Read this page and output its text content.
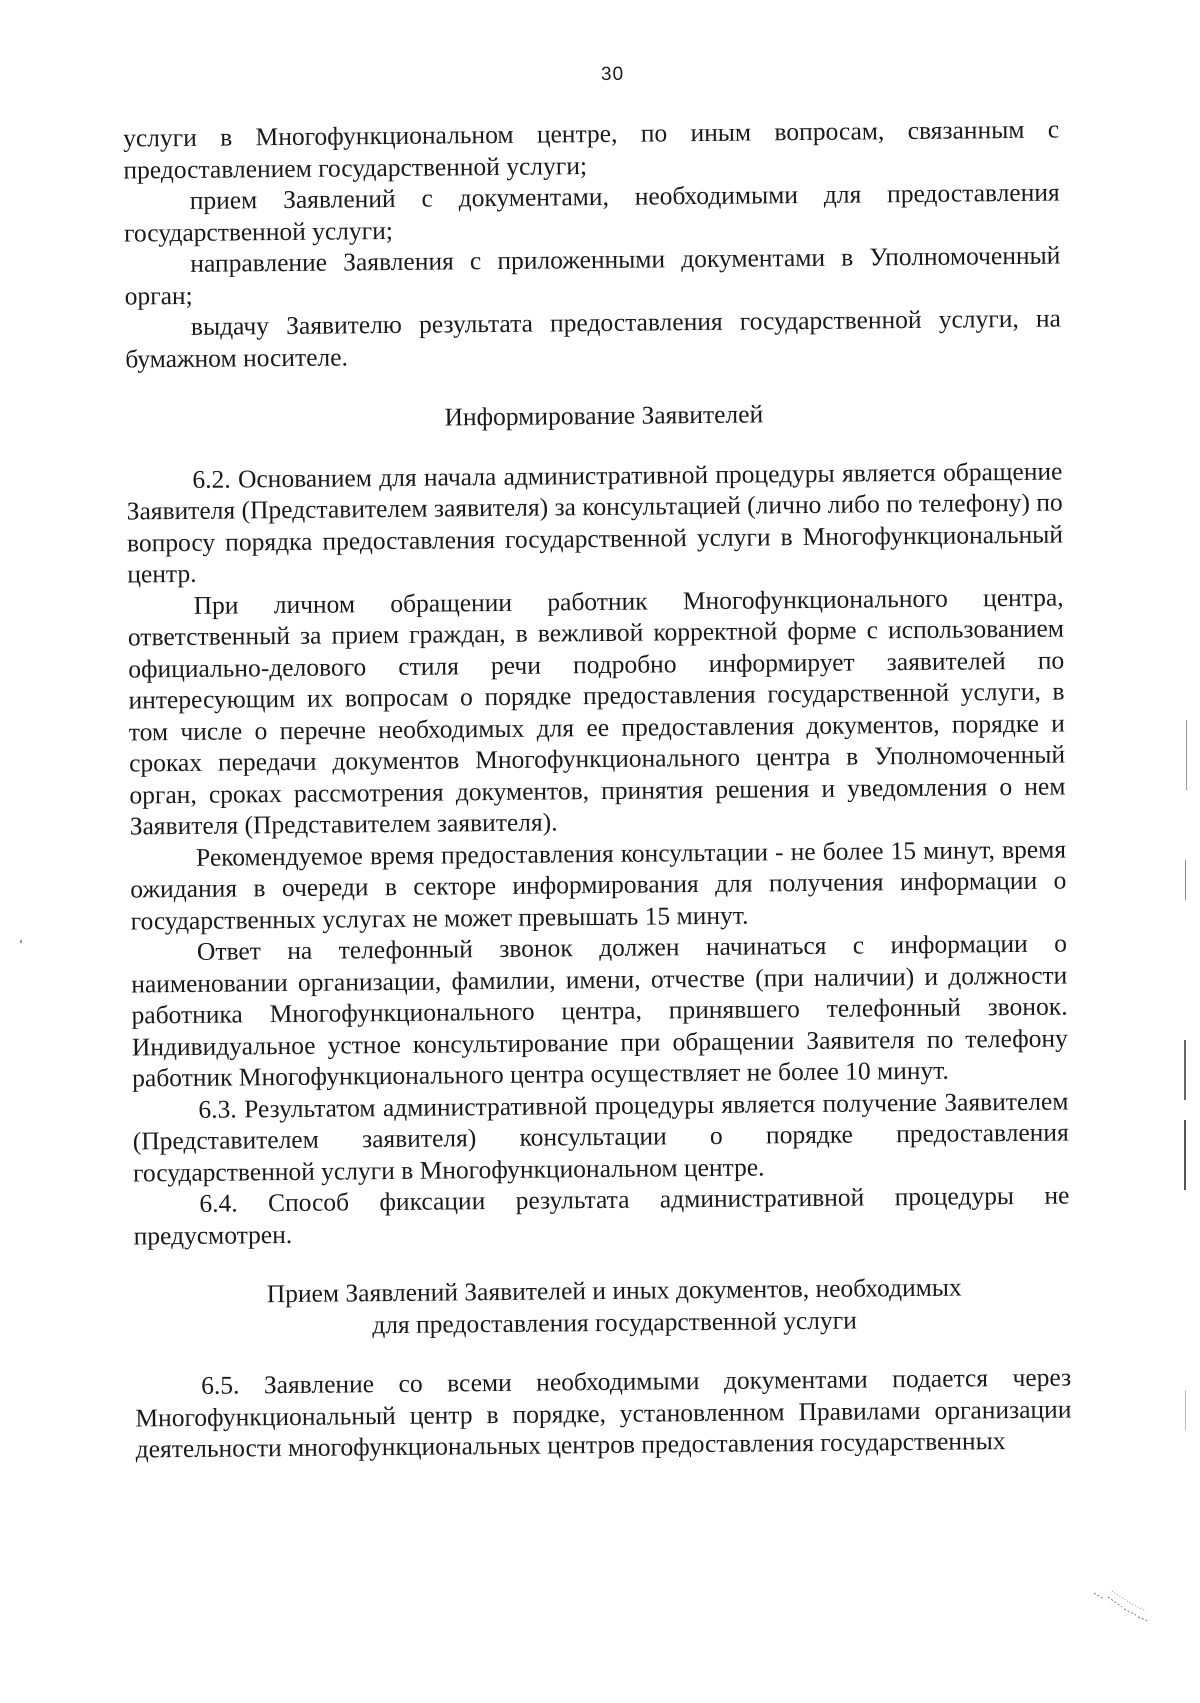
30

услуги в Многофункциональном центре, по иным вопросам, связанным с предоставлением государственной услуги;

прием Заявлений с документами, необходимыми для предоставления государственной услуги;

направление Заявления с приложенными документами в Уполномоченный орган;

выдачу Заявителю результата предоставления государственной услуги, на бумажном носителе.

Информирование Заявителей

6.2. Основанием для начала административной процедуры является обращение Заявителя (Представителем заявителя) за консультацией (лично либо по телефону) по вопросу порядка предоставления государственной услуги в Многофункциональный центр.

При личном обращении работник Многофункционального центра, ответственный за прием граждан, в вежливой корректной форме с использованием официально-делового стиля речи подробно информирует заявителей по интересующим их вопросам о порядке предоставления государственной услуги, в том числе о перечне необходимых для ее предоставления документов, порядке и сроках передачи документов Многофункционального центра в Уполномоченный орган, сроках рассмотрения документов, принятия решения и уведомления о нем Заявителя (Представителем заявителя).

Рекомендуемое время предоставления консультации - не более 15 минут, время ожидания в очереди в секторе информирования для получения информации о государственных услугах не может превышать 15 минут.

Ответ на телефонный звонок должен начинаться с информации о наименовании организации, фамилии, имени, отчестве (при наличии) и должности работника Многофункционального центра, принявшего телефонный звонок. Индивидуальное устное консультирование при обращении Заявителя по телефону работник Многофункционального центра осуществляет не более 10 минут.

6.3. Результатом административной процедуры является получение Заявителем (Представителем заявителя) консультации о порядке предоставления государственной услуги в Многофункциональном центре.

6.4. Способ фиксации результата административной процедуры не предусмотрен.

Прием Заявлений Заявителей и иных документов, необходимых
для предоставления государственной услуги

6.5. Заявление со всеми необходимыми документами подается через Многофункциональный центр в порядке, установленном Правилами организации деятельности многофункциональных центров предоставления государственных
